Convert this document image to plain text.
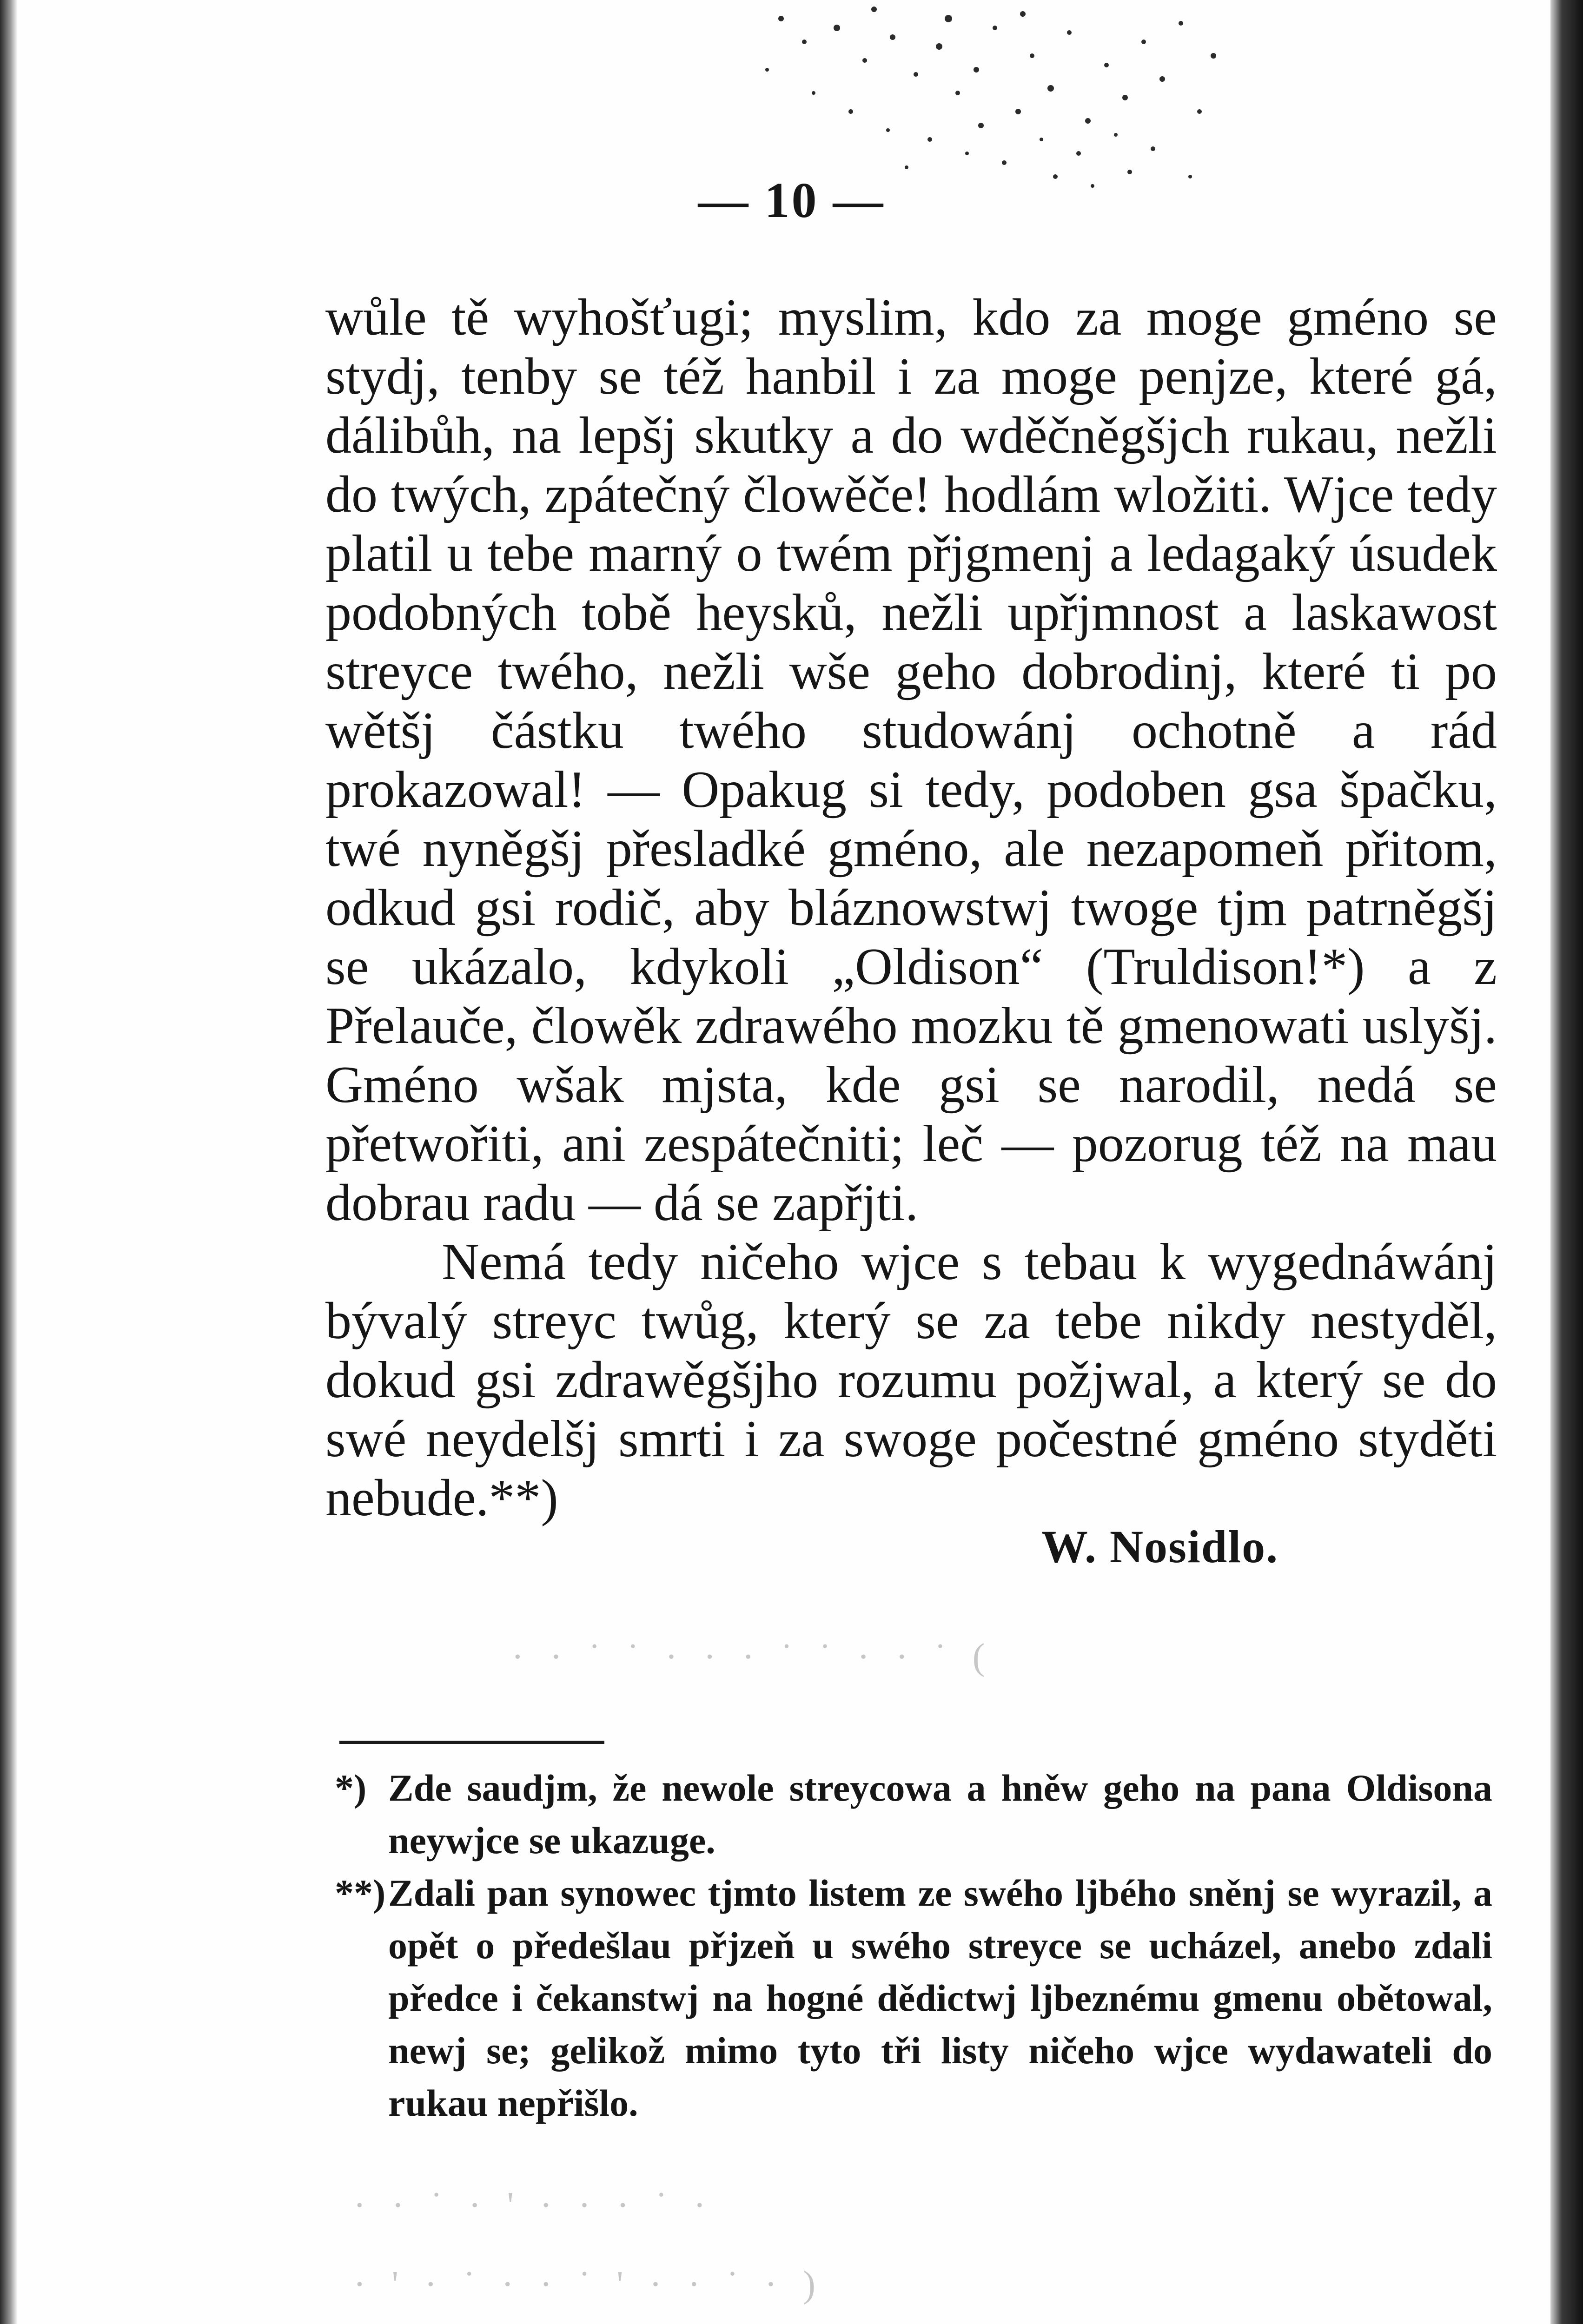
— 10 —

wůle tě wyhošťugi; myslim, kdo za moge gméno se stydj, tenby se též hanbil i za moge penjze, které gá, dálibůh, na lepšj skutky a do wděčněgšjch rukau, nežli do twých, zpátečný člowěče! hodlám wložiti. Wjce tedy platil u tebe marný o twém přjgmenj a ledagaký úsudek podobných tobě heysků, nežli upřjmnost a laskawost streyce twého, nežli wše geho dobrodinj, které ti po wětšj částku twého studowánj ochotně a rád prokazowal! — Opakug si tedy, podoben gsa špačku, twé nyněgšj přesladké gméno, ale nezapomeň přitom, odkud gsi rodič, aby bláznowstwj twoge tjm patrněgšj se ukázalo, kdykoli „Oldison“ (Truldison!*) a z Přelauče, člowěk zdrawého mozku tě gmenowati uslyšj. Gméno wšak mjsta, kde gsi se narodil, nedá se přetwořiti, ani zespátečniti; leč — pozorug též na mau dobrau radu — dá se zapřjti.

Nemá tedy ničeho wjce s tebau k wygednáwánj bývalý streyc twůg, který se za tebe nikdy nestyděl, dokud gsi zdrawěgšjho rozumu požjwal, a který se do swé neydelšj smrti i za swoge počestné gméno styděti nebude.**)

W. Nosidlo.
· · ˙ ˙ · · · ˙ ˙ · · ˙ (

*) Zde saudjm, že newole streycowa a hněw geho na pana Oldisona neywjce se ukazuge.

**)Zdali pan synowec tjmto listem ze swého ljbého sněnj se wyrazil, a opět o předešlau přjzeň u swého streyce se ucházel, anebo zdali předce i čekanstwj na hogné dědictwj ljbeznému gmenu obětowal, newj se; gelikož mimo tyto tři listy ničeho wjce wydawateli do rukau nepřišlo.

· · ˙ · ' · · · ˙ ·
· ' · ˙ · · ˙ ' · · ˙ · )
